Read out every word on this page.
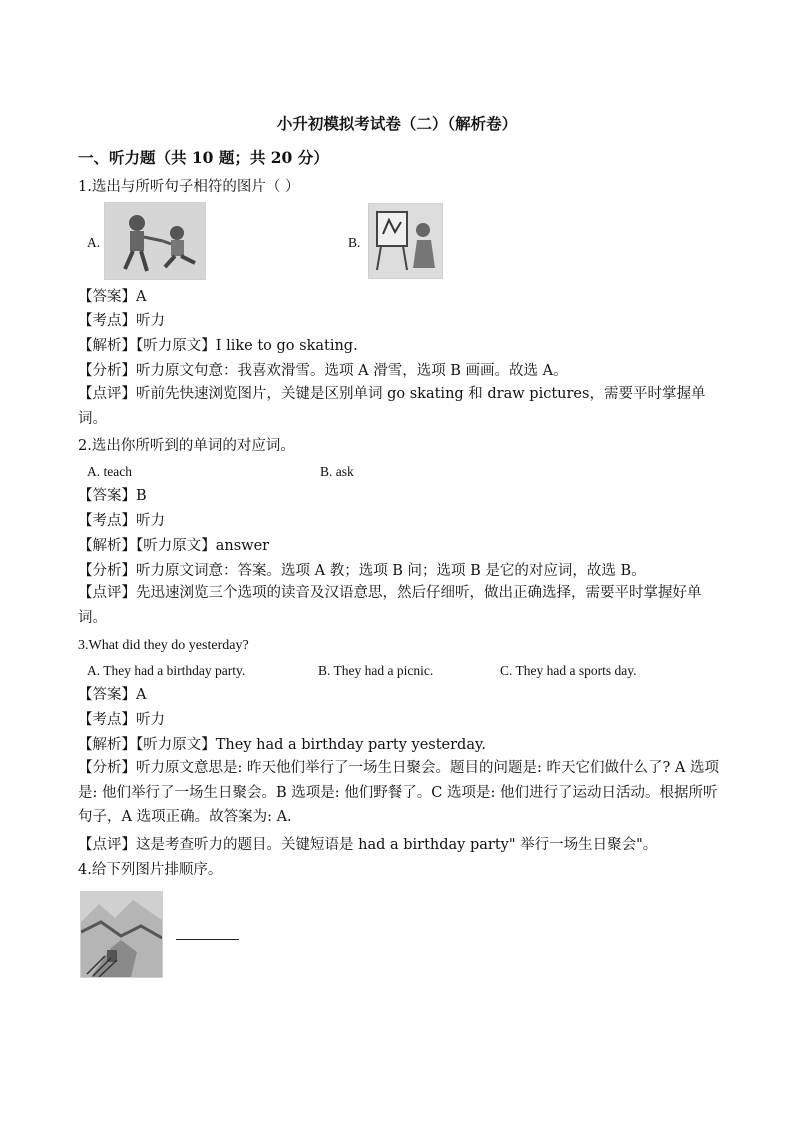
小升初模拟考试卷（二）（解析卷）
一、听力题（共 10 题；共 20 分）
1.选出与所听句子相符的图片（ ）
A.	B.
【答案】A
【考点】听力
【解析】【听力原文】I like to go skating.
【分析】听力原文句意：我喜欢滑雪。选项 A 滑雪，选项 B 画画。故选 A。
【点评】听前先快速浏览图片，关键是区别单词 go skating 和 draw pictures，需要平时掌握单词。
2.选出你所听到的单词的对应词。
A. teach	B. ask
【答案】B
【考点】听力
【解析】【听力原文】answer
【分析】听力原文词意：答案。选项 A 教；选项 B 问；选项 B 是它的对应词，故选 B。
【点评】先迅速浏览三个选项的读音及汉语意思，然后仔细听，做出正确选择，需要平时掌握好单词。
3.What did they do yesterday?
A. They had a birthday party.	B. They had a picnic.	C. They had a sports day.
【答案】A
【考点】听力
【解析】【听力原文】They had a birthday party yesterday.
【分析】听力原文意思是: 昨天他们举行了一场生日聚会。题目的问题是: 昨天它们做什么了? A 选项是: 他们举行了一场生日聚会。B 选项是: 他们野餐了。C 选项是: 他们进行了运动日活动。根据所听句子，A 选项正确。故答案为: A.
【点评】这是考查听力的题目。关键短语是 had a birthday party" 举行一场生日聚会"。
4.给下列图片排顺序。
